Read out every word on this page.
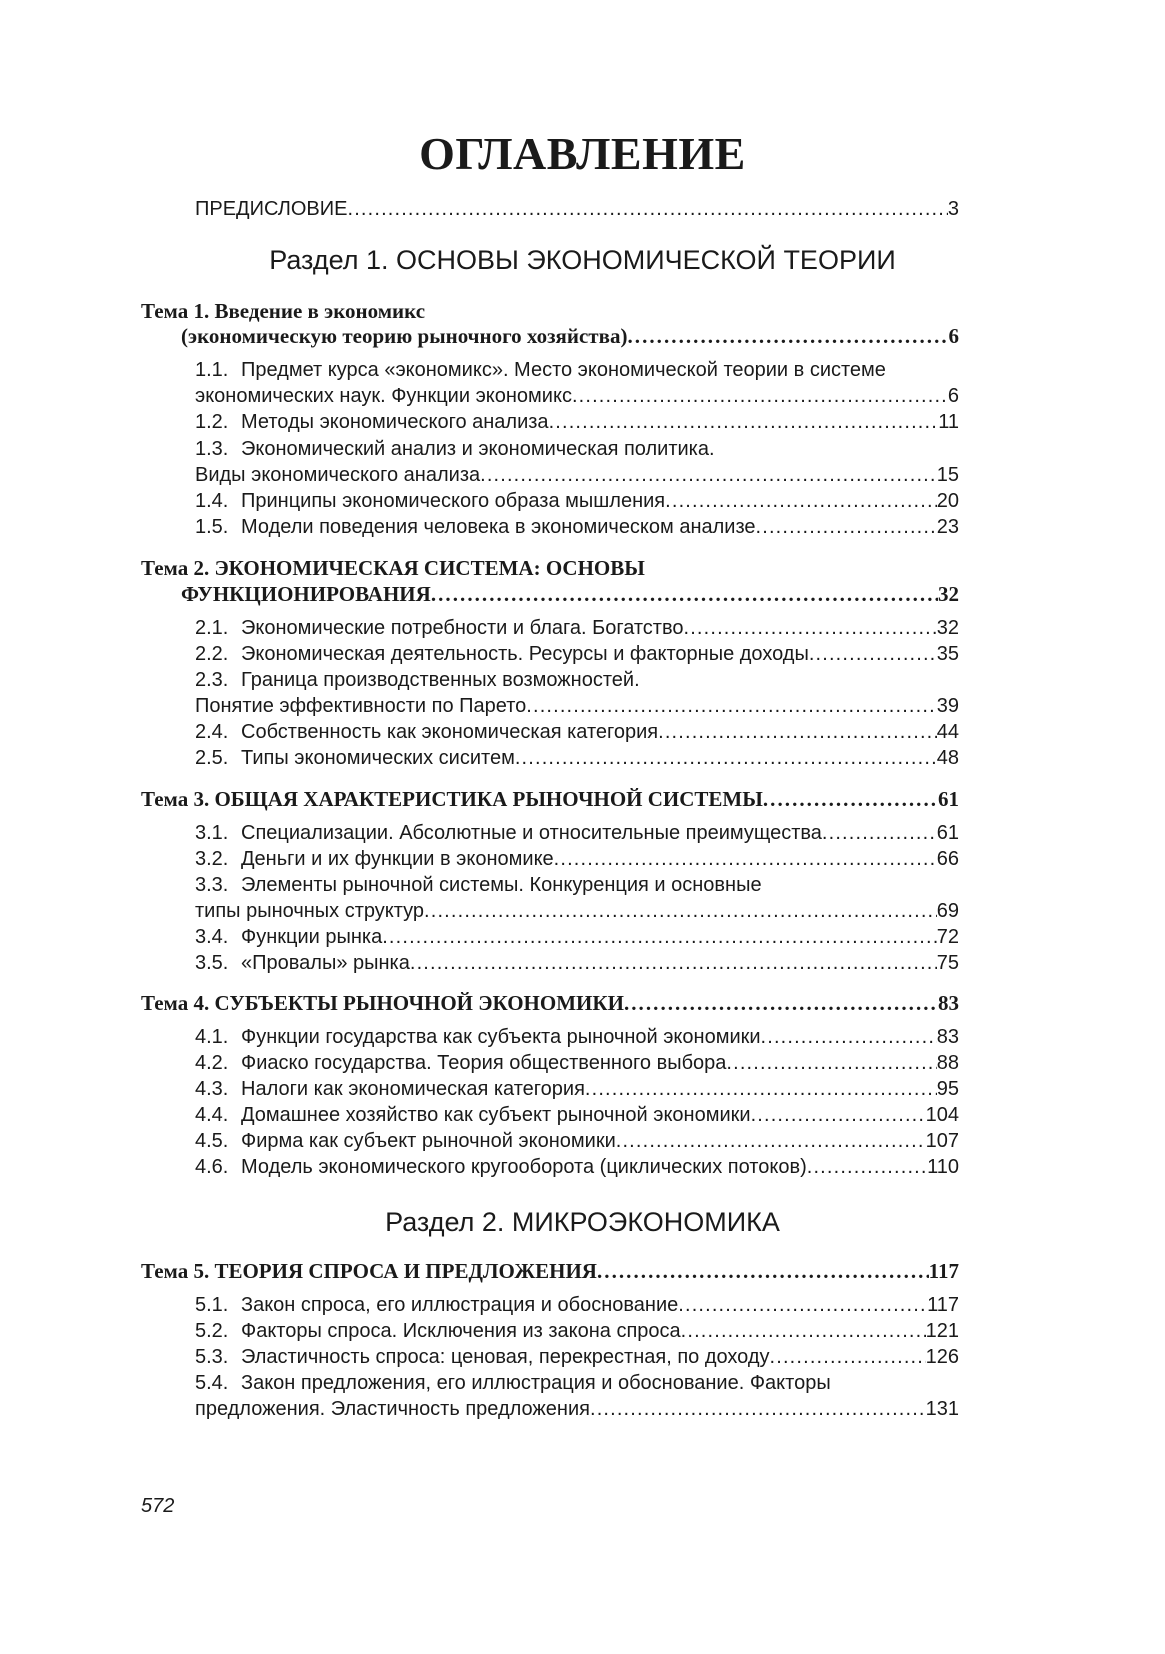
ОГЛАВЛЕНИЕ
ПРЕДИСЛОВИЕ . . .	3
Раздел 1. ОСНОВЫ ЭКОНОМИЧЕСКОЙ ТЕОРИИ
Тема 1. Введение в экономикс
(экономическую теорию рыночного хозяйства) . . .	6
1.1. Предмет курса «экономикс». Место экономической теории в системе
экономических наук. Функции экономикс . . .	6
1.2. Методы экономического анализа . . .	11
1.3. Экономический анализ и экономическая политика.
Виды экономического анализа . . .	15
1.4. Принципы экономического образа мышления . . .	20
1.5. Модели поведения человека в экономическом анализе . . .	23
Тема 2. ЭКОНОМИЧЕСКАЯ СИСТЕМА: ОСНОВЫ
ФУНКЦИОНИРОВАНИЯ . . .	32
2.1. Экономические потребности и блага. Богатство . . .	32
2.2. Экономическая деятельность. Ресурсы и факторные доходы . . .	35
2.3. Граница производственных возможностей.
Понятие эффективности по Парето . . .	39
2.4. Собственность как экономическая категория . . .	44
2.5. Типы экономических сиситем . . .	48
Тема 3. ОБЩАЯ ХАРАКТЕРИСТИКА РЫНОЧНОЙ СИСТЕМЫ . . .	61
3.1. Специализации. Абсолютные и относительные преимущества . . .	61
3.2. Деньги и их функции в экономике . . .	66
3.3. Элементы рыночной системы. Конкуренция и основные
типы рыночных структур . . .	69
3.4. Функции рынка . . .	72
3.5. «Провалы» рынка . . .	75
Тема 4. СУБЪЕКТЫ РЫНОЧНОЙ ЭКОНОМИКИ . . .	83
4.1. Функции государства как субъекта рыночной экономики . . .	83
4.2. Фиаско государства. Теория общественного выбора . . .	88
4.3. Налоги как экономическая категория . . .	95
4.4. Домашнее хозяйство как субъект рыночной экономики . . .	104
4.5. Фирма как субъект рыночной экономики . . .	107
4.6. Модель экономического кругооборота (циклических потоков) . . .	110
Раздел 2. МИКРОЭКОНОМИКА
Тема 5. ТЕОРИЯ СПРОСА И ПРЕДЛОЖЕНИЯ . . .	117
5.1. Закон спроса, его иллюстрация и обоснование . . .	117
5.2. Факторы спроса. Исключения из закона спроса . . .	121
5.3. Эластичность спроса: ценовая, перекрестная, по доходу . . .	126
5.4. Закон предложения, его иллюстрация и обоснование. Факторы
предложения. Эластичность предложения . . .	131
572
